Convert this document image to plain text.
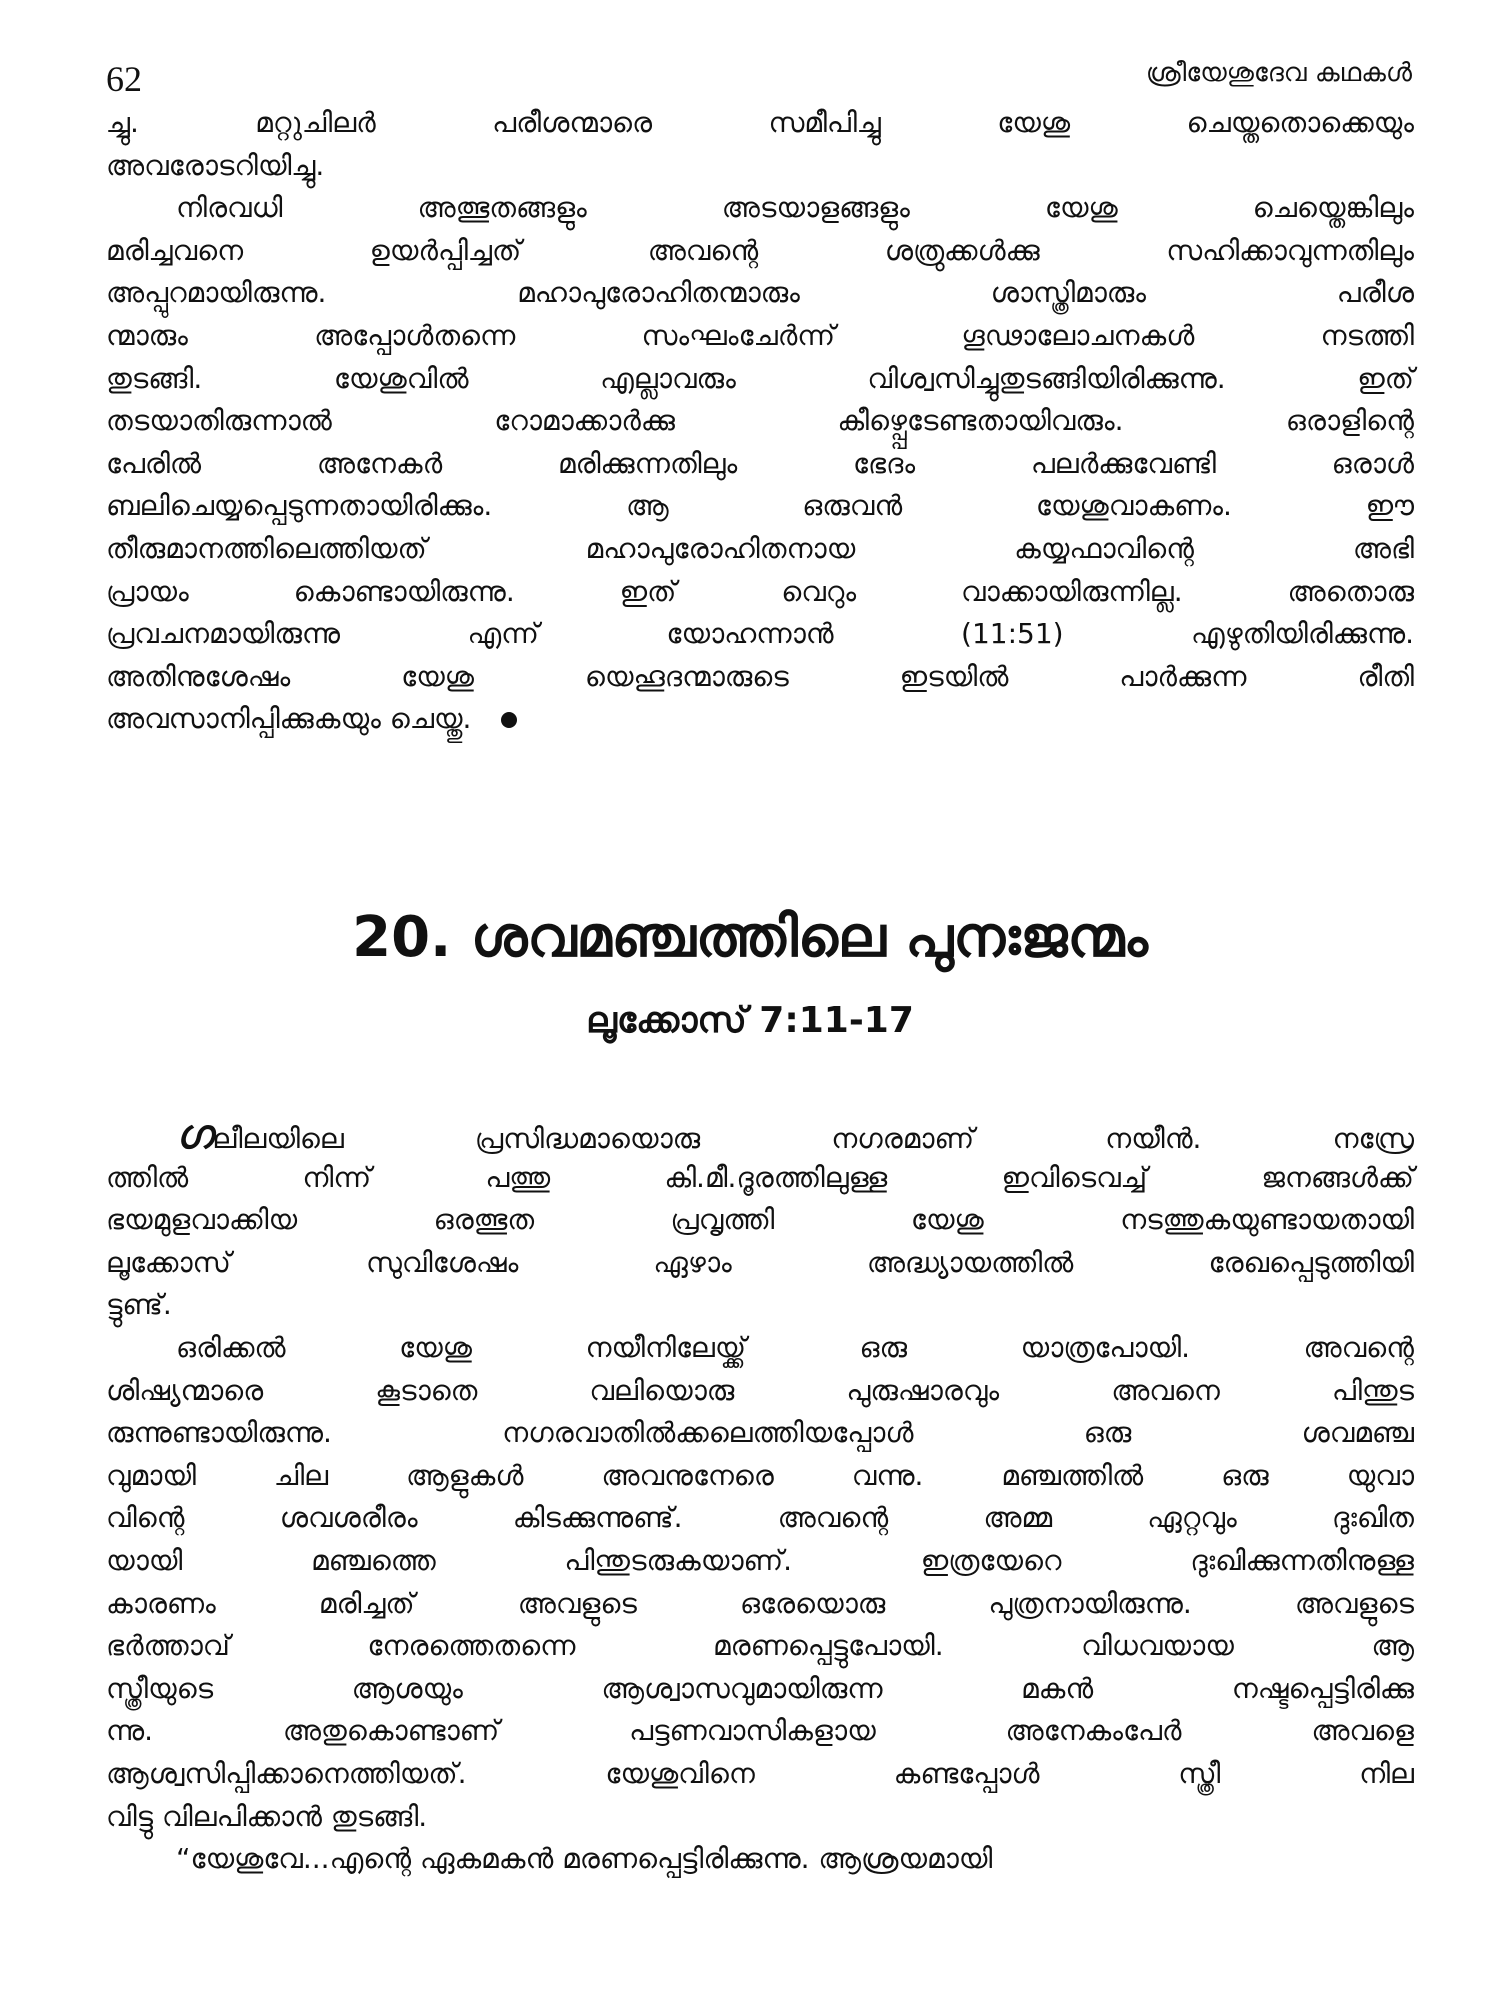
62	ശ്രീയേശുദേവ കഥകൾ
ച്ചു. മറ്റുചിലർ പരീശന്മാരെ സമീപിച്ചു യേശു ചെയ്തതൊക്കെയും
അവരോടറിയിച്ചു.
നിരവധി അത്ഭുതങ്ങളും അടയാളങ്ങളും യേശു ചെയ്തെങ്കിലും
മരിച്ചവനെ ഉയർപ്പിച്ചത് അവന്റെ ശത്രുക്കൾക്കു സഹിക്കാവുന്നതിലും
അപ്പുറമായിരുന്നു. മഹാപുരോഹിതന്മാരും ശാസ്ത്രിമാരും പരീശ
ന്മാരും അപ്പോൾതന്നെ സംഘംചേർന്ന് ഗൂഢാലോചനകൾ നടത്തി
തുടങ്ങി. യേശുവിൽ എല്ലാവരും വിശ്വസിച്ചുതുടങ്ങിയിരിക്കുന്നു. ഇത്
തടയാതിരുന്നാൽ റോമാക്കാർക്കു കീഴ്പ്പെടേണ്ടതായിവരും. ഒരാളിന്റെ
പേരിൽ അനേകർ മരിക്കുന്നതിലും ഭേദം പലർക്കുവേണ്ടി ഒരാൾ
ബലിചെയ്യപ്പെടുന്നതായിരിക്കും. ആ ഒരുവൻ യേശുവാകണം. ഈ
തീരുമാനത്തിലെത്തിയത് മഹാപുരോഹിതനായ കയ്യഫാവിന്റെ അഭി
പ്രായം കൊണ്ടായിരുന്നു. ഇത് വെറും വാക്കായിരുന്നില്ല. അതൊരു
പ്രവചനമായിരുന്നു എന്ന് യോഹന്നാൻ (11:51) എഴുതിയിരിക്കുന്നു.
അതിനുശേഷം യേശു യെഹൂദന്മാരുടെ ഇടയിൽ പാർക്കുന്ന രീതി
അവസാനിപ്പിക്കുകയും ചെയ്തു.
20. ശവമഞ്ചത്തിലെ പുനഃജന്മം
ലൂക്കോസ് 7:11-17
ഗലീലയിലെ പ്രസിദ്ധമായൊരു നഗരമാണ് നയീൻ. നസ്രേ
ത്തിൽ നിന്ന് പത്തു കി.മീ.ദൂരത്തിലുള്ള ഇവിടെവച്ച് ജനങ്ങൾക്ക്
ഭയമുളവാക്കിയ ഒരത്ഭുത പ്രവൃത്തി യേശു നടത്തുകയുണ്ടായതായി
ലൂക്കോസ് സുവിശേഷം ഏഴാം അദ്ധ്യായത്തിൽ രേഖപ്പെടുത്തിയി
ട്ടുണ്ട്.
ഒരിക്കൽ യേശു നയീനിലേയ്ക്ക് ഒരു യാത്രപോയി. അവന്റെ
ശിഷ്യന്മാരെ കൂടാതെ വലിയൊരു പുരുഷാരവും അവനെ പിന്തുട
രുന്നുണ്ടായിരുന്നു. നഗരവാതിൽക്കലെത്തിയപ്പോൾ ഒരു ശവമഞ്ച
വുമായി ചില ആളുകൾ അവനുനേരെ വന്നു. മഞ്ചത്തിൽ ഒരു യുവാ
വിന്റെ ശവശരീരം കിടക്കുന്നുണ്ട്. അവന്റെ അമ്മ ഏറ്റവും ദുഃഖിത
യായി മഞ്ചത്തെ പിന്തുടരുകയാണ്. ഇത്രയേറെ ദുഃഖിക്കുന്നതിനുള്ള
കാരണം മരിച്ചത് അവളുടെ ഒരേയൊരു പുത്രനായിരുന്നു. അവളുടെ
ഭർത്താവ് നേരത്തെതന്നെ മരണപ്പെട്ടുപോയി. വിധവയായ ആ
സ്ത്രീയുടെ ആശയും ആശ്വാസവുമായിരുന്ന മകൻ നഷ്ടപ്പെട്ടിരിക്കു
ന്നു. അതുകൊണ്ടാണ് പട്ടണവാസികളായ അനേകംപേർ അവളെ
ആശ്വസിപ്പിക്കാനെത്തിയത്. യേശുവിനെ കണ്ടപ്പോൾ സ്ത്രീ നില
വിട്ടു വിലപിക്കാൻ തുടങ്ങി.
“യേശുവേ...എന്റെ ഏകമകൻ മരണപ്പെട്ടിരിക്കുന്നു. ആശ്രയമായി
